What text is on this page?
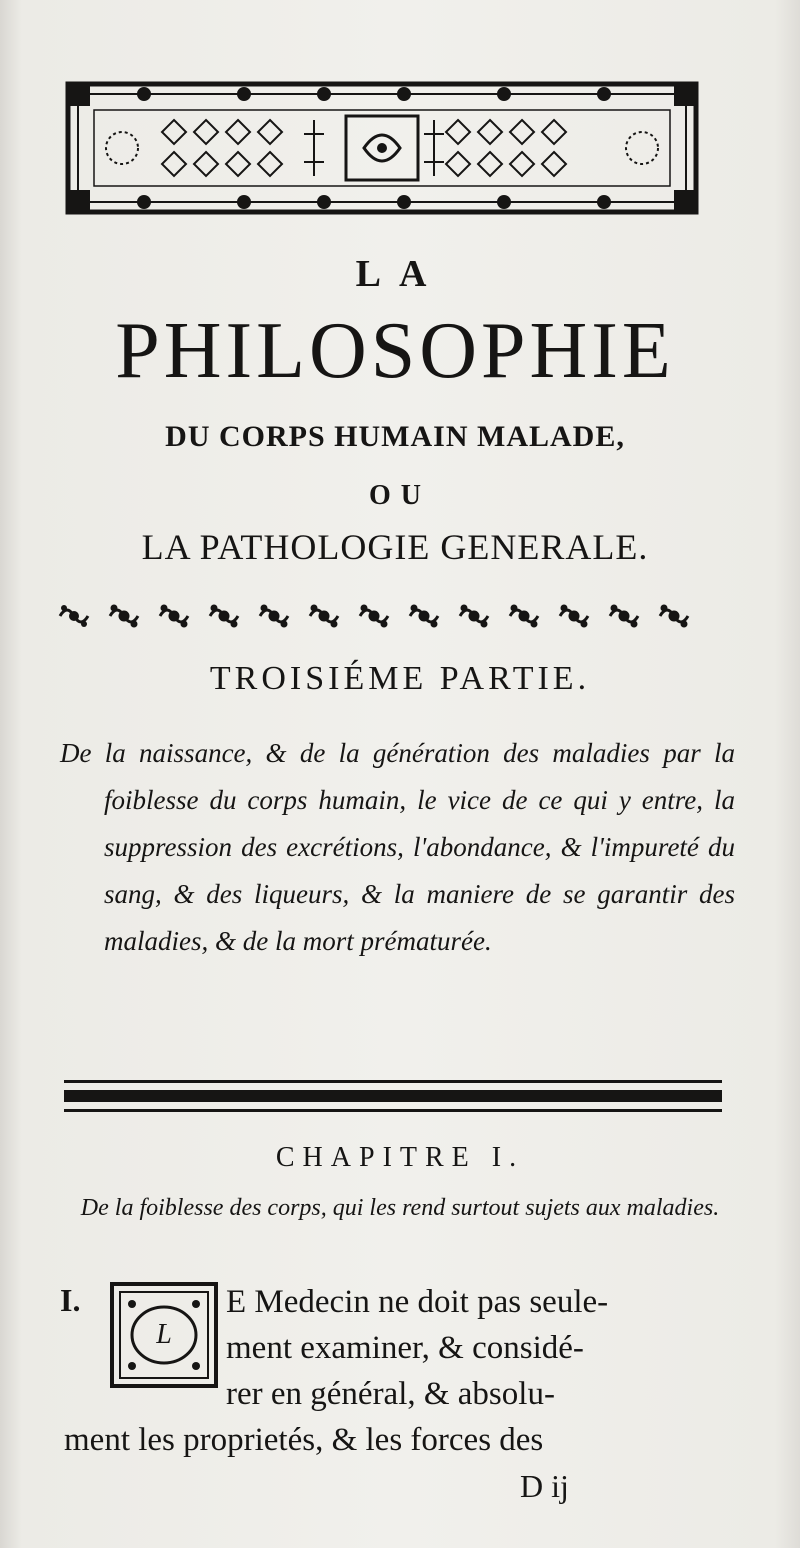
LA
PHILOSOPHIE
DU CORPS HUMAIN MALADE,
OU
LA PATHOLOGIE GENERALE.
TROISIÉME PARTIE.
De la naissance, & de la génération des maladies par la foiblesse du corps humain, le vice de ce qui y entre, la suppression des excrétions, l'abondance, & l'impureté du sang, & des liqueurs, & la maniere de se garantir des maladies, & de la mort prématurée.
CHAPITRE I.
De la foiblesse des corps, qui les rend surtout sujets aux maladies.
I.
L
E Medecin ne doit pas seule-
ment examiner, & considé-
rer en général, & absolu-
ment les proprietés, & les forces des
D ij
